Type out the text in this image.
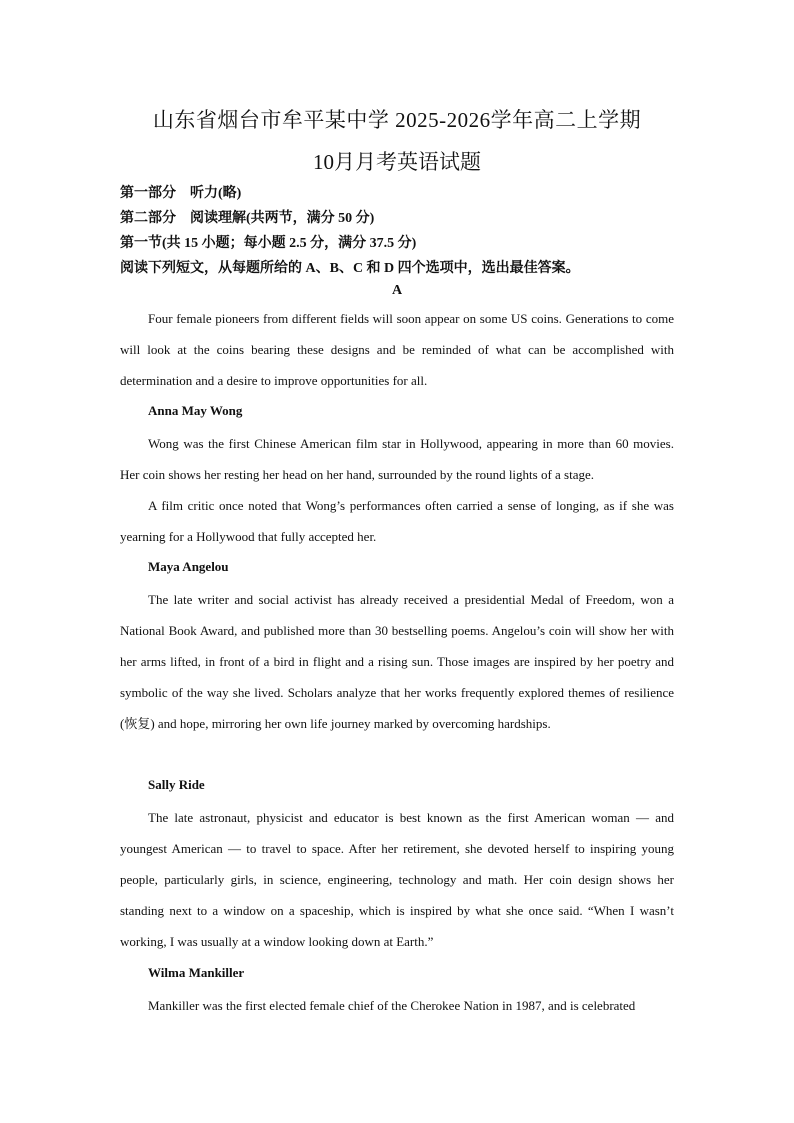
山东省烟台市牟平某中学 2025-2026学年高二上学期
10月月考英语试题
第一部分　听力(略)
第二部分　阅读理解(共两节，满分 50 分)
第一节(共 15 小题；每小题 2.5 分，满分 37.5 分)
阅读下列短文，从每题所给的 A、B、C 和 D 四个选项中，选出最佳答案。
A
Four female pioneers from different fields will soon appear on some US coins. Generations to come will look at the coins bearing these designs and be reminded of what can be accomplished with determination and a desire to improve opportunities for all.
Anna May Wong
Wong was the first Chinese American film star in Hollywood, appearing in more than 60 movies. Her coin shows her resting her head on her hand, surrounded by the round lights of a stage.
A film critic once noted that Wong’s performances often carried a sense of longing, as if she was yearning for a Hollywood that fully accepted her.
Maya Angelou
The late writer and social activist has already received a presidential Medal of Freedom, won a National Book Award, and published more than 30 bestselling poems. Angelou’s coin will show her with her arms lifted, in front of a bird in flight and a rising sun. Those images are inspired by her poetry and symbolic of the way she lived. Scholars analyze that her works frequently explored themes of resilience (恢复) and hope, mirroring her own life journey marked by overcoming hardships.
Sally Ride
The late astronaut, physicist and educator is best known as the first American woman — and youngest American — to travel to space. After her retirement, she devoted herself to inspiring young people, particularly girls, in science, engineering, technology and math. Her coin design shows her standing next to a window on a spaceship, which is inspired by what she once said. “When I wasn’t working, I was usually at a window looking down at Earth.”
Wilma Mankiller
Mankiller was the first elected female chief of the Cherokee Nation in 1987, and is celebrated
